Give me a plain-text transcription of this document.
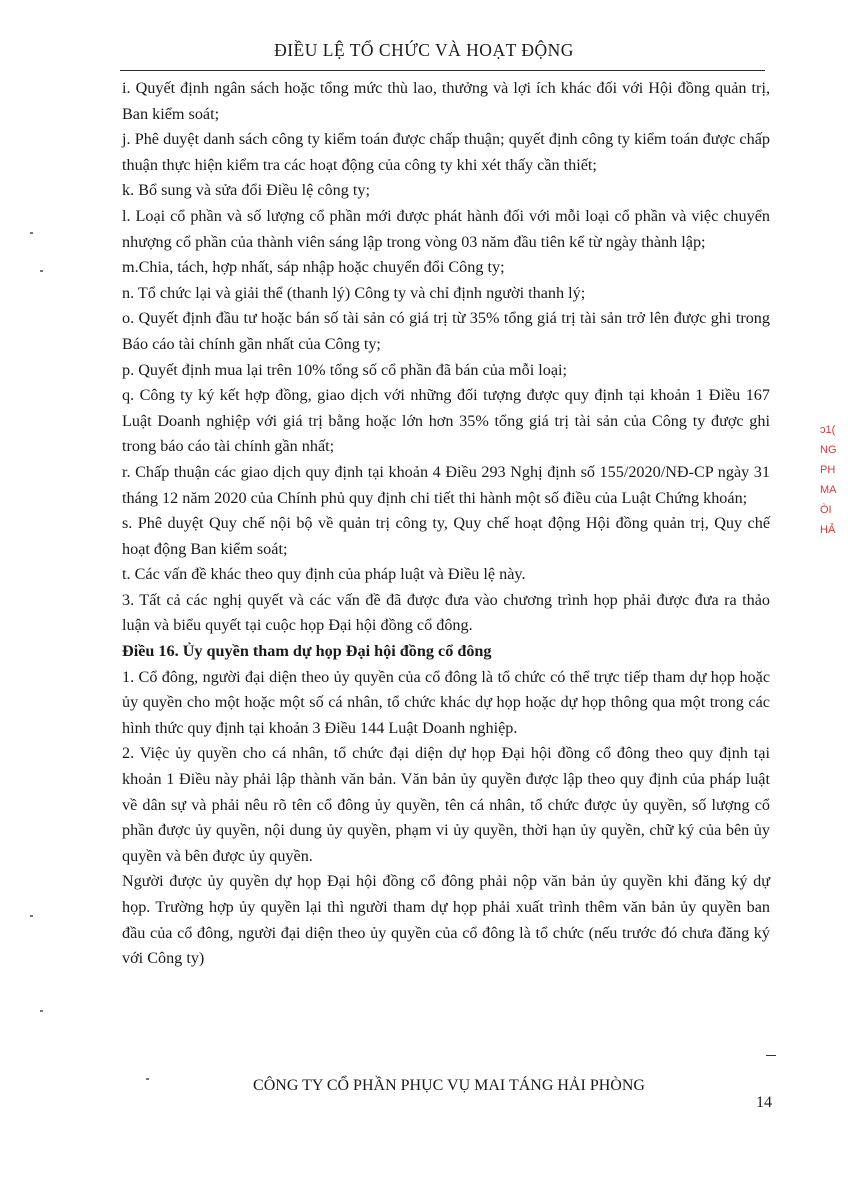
ĐIỀU LỆ TỔ CHỨC VÀ HOẠT ĐỘNG

i. Quyết định ngân sách hoặc tổng mức thù lao, thưởng và lợi ích khác đối với Hội đồng quản trị, Ban kiểm soát;

j. Phê duyệt danh sách công ty kiểm toán được chấp thuận; quyết định công ty kiểm toán được chấp thuận thực hiện kiểm tra các hoạt động của công ty khi xét thấy cần thiết;

k. Bổ sung và sửa đổi Điều lệ công ty;

l. Loại cổ phần và số lượng cổ phần mới được phát hành đối với mỗi loại cổ phần và việc chuyển nhượng cổ phần của thành viên sáng lập trong vòng 03 năm đầu tiên kể từ ngày thành lập;

m.Chia, tách, hợp nhất, sáp nhập hoặc chuyển đổi Công ty;

n. Tổ chức lại và giải thể (thanh lý) Công ty và chỉ định người thanh lý;

o. Quyết định đầu tư hoặc bán số tài sản có giá trị từ 35% tổng giá trị tài sản trở lên được ghi trong Báo cáo tài chính gần nhất của Công ty;

p. Quyết định mua lại trên 10% tổng số cổ phần đã bán của mỗi loại;

q. Công ty ký kết hợp đồng, giao dịch với những đối tượng được quy định tại khoản 1 Điều 167 Luật Doanh nghiệp với giá trị bằng hoặc lớn hơn 35% tổng giá trị tài sản của Công ty được ghi trong báo cáo tài chính gần nhất;

r. Chấp thuận các giao dịch quy định tại khoản 4 Điều 293 Nghị định số 155/2020/NĐ-CP ngày 31 tháng 12 năm 2020 của Chính phủ quy định chi tiết thi hành một số điều của Luật Chứng khoán;

s. Phê duyệt Quy chế nội bộ về quản trị công ty, Quy chế hoạt động Hội đồng quản trị, Quy chế hoạt động Ban kiểm soát;

t. Các vấn đề khác theo quy định của pháp luật và Điều lệ này.

3. Tất cả các nghị quyết và các vấn đề đã được đưa vào chương trình họp phải được đưa ra thảo luận và biểu quyết tại cuộc họp Đại hội đồng cổ đông.

Điều 16. Ủy quyền tham dự họp Đại hội đồng cổ đông

1. Cổ đông, người đại diện theo ủy quyền của cổ đông là tổ chức có thể trực tiếp tham dự họp hoặc ủy quyền cho một hoặc một số cá nhân, tổ chức khác dự họp hoặc dự họp thông qua một trong các hình thức quy định tại khoản 3 Điều 144 Luật Doanh nghiệp.

2. Việc ủy quyền cho cá nhân, tổ chức đại diện dự họp Đại hội đồng cổ đông theo quy định tại khoản 1 Điều này phải lập thành văn bản. Văn bản ủy quyền được lập theo quy định của pháp luật về dân sự và phải nêu rõ tên cổ đông ủy quyền, tên cá nhân, tổ chức được ủy quyền, số lượng cổ phần được ủy quyền, nội dung ủy quyền, phạm vi ủy quyền, thời hạn ủy quyền, chữ ký của bên ủy quyền và bên được ủy quyền.

Người được ủy quyền dự họp Đại hội đồng cổ đông phải nộp văn bản ủy quyền khi đăng ký dự họp. Trường hợp ủy quyền lại thì người tham dự họp phải xuất trình thêm văn bản ủy quyền ban đầu của cổ đông, người đại diện theo ủy quyền của cổ đông là tổ chức (nếu trước đó chưa đăng ký với Công ty)

CÔNG TY CỔ PHẦN PHỤC VỤ MAI TÁNG HẢI PHÒNG
14
ɔ1(
NG
PH
MA
ÒI
HẢ
